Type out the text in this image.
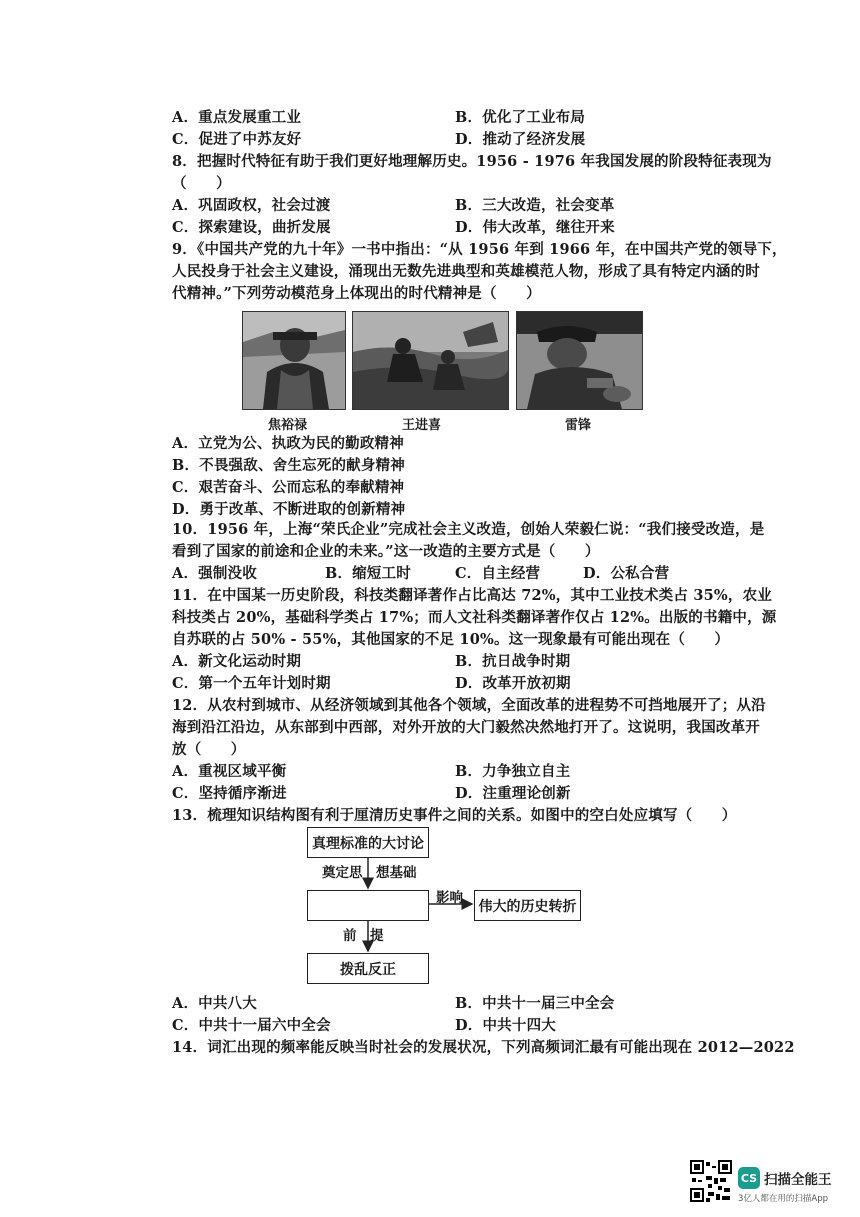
A．重点发展重工业	B．优化了工业布局
C．促进了中苏友好	D．推动了经济发展
8．把握时代特征有助于我们更好地理解历史。1956 - 1976 年我国发展的阶段特征表现为
（　　）
A．巩固政权，社会过渡	B．三大改造，社会变革
C．探索建设，曲折发展	D．伟大改革，继往开来
9．《中国共产党的九十年》一书中指出：“从 1956 年到 1966 年，在中国共产党的领导下，
人民投身于社会主义建设，涌现出无数先进典型和英雄模范人物，形成了具有特定内涵的时
代精神。”下列劳动模范身上体现出的时代精神是（　　）
焦裕禄	王进喜	雷锋
A．立党为公、执政为民的勤政精神
B．不畏强敌、舍生忘死的献身精神
C．艰苦奋斗、公而忘私的奉献精神
D．勇于改革、不断进取的创新精神
10．1956 年，上海“荣氏企业”完成社会主义改造，创始人荣毅仁说：“我们接受改造，是
看到了国家的前途和企业的未来。”这一改造的主要方式是（　　）
A．强制没收	B．缩短工时	C．自主经营	D．公私合营
11．在中国某一历史阶段，科技类翻译著作占比高达 72%，其中工业技术类占 35%，农业
科技类占 20%，基础科学类占 17%；而人文社科类翻译著作仅占 12%。出版的书籍中，源
自苏联的占 50% - 55%，其他国家的不足 10%。这一现象最有可能出现在（　　）
A．新文化运动时期	B．抗日战争时期
C．第一个五年计划时期	D．改革开放初期
12．从农村到城市、从经济领域到其他各个领域，全面改革的进程势不可挡地展开了；从沿
海到沿江沿边，从东部到中西部，对外开放的大门毅然决然地打开了。这说明，我国改革开
放（　　）
A．重视区域平衡	B．力争独立自主
C．坚持循序渐进	D．注重理论创新
13．梳理知识结构图有利于厘清历史事件之间的关系。如图中的空白处应填写（　　）
真理标准的大讨论
奠定思　想基础
影响
伟大的历史转折
前　提
拨乱反正
A．中共八大	B．中共十一届三中全会
C．中共十一届六中全会	D．中共十四大
14．词汇出现的频率能反映当时社会的发展状况，下列高频词汇最有可能出现在 2012—2022
CS 扫描全能王
3亿人都在用的扫描App
